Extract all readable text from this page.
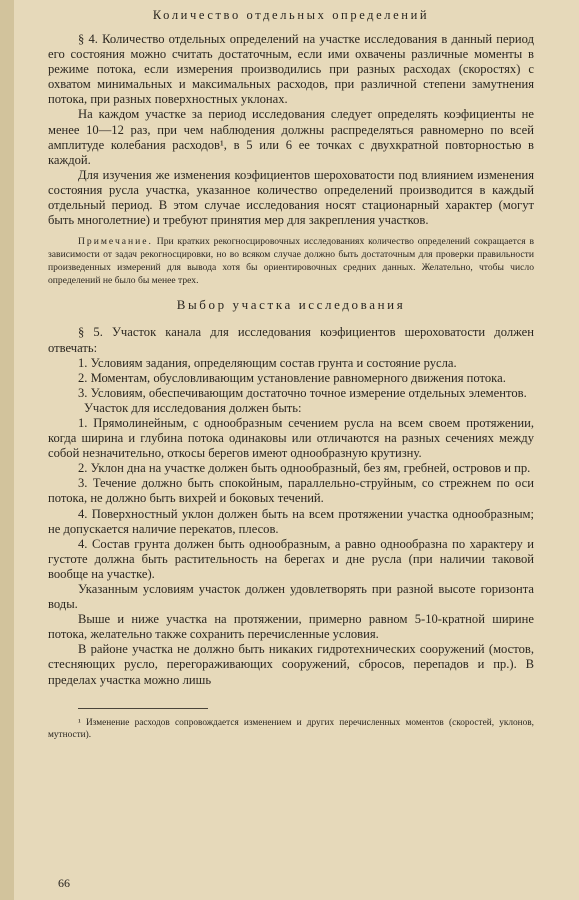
Количество отдельных определений

§ 4. Количество отдельных определений на участке исследования в данный период его состояния можно считать достаточным, если ими охвачены различные моменты в режиме потока, если измерения производились при разных расходах (скоростях) с охватом минимальных и максимальных расходов, при различной степени замутнения потока, при разных поверхностных уклонах.

На каждом участке за период исследования следует определять коэфициенты не менее 10—12 раз, при чем наблюдения должны распределяться равномерно по всей амплитуде колебания расходов¹, в 5 или 6 ее точках с двухкратной повторностью в каждой.

Для изучения же изменения коэфициентов шероховатости под влиянием изменения состояния русла участка, указанное количество определений производится в каждый отдельный период. В этом случае исследования носят стационарный характер (могут быть многолетние) и требуют принятия мер для закрепления участков.

Примечание. При кратких рекогносцировочных исследованиях количество определений сокращается в зависимости от задач рекогносцировки, но во всяком случае должно быть достаточным для проверки правильности произведенных измерений для вывода хотя бы ориентировочных средних данных. Желательно, чтобы число определений не было бы менее трех.
Выбор участка исследования

§ 5. Участок канала для исследования коэфициентов шероховатости должен отвечать:

1. Условиям задания, определяющим состав грунта и состояние русла.

2. Моментам, обусловливающим установление равномерного движения потока.

3. Условиям, обеспечивающим достаточно точное измерение отдельных элементов.

Участок для исследования должен быть:

1. Прямолинейным, с однообразным сечением русла на всем своем протяжении, когда ширина и глубина потока одинаковы или отличаются на разных сечениях между собой незначительно, откосы берегов имеют однообразную крутизну.

2. Уклон дна на участке должен быть однообразный, без ям, гребней, островов и пр.

3. Течение должно быть спокойным, параллельно-струйным, со стрежнем по оси потока, не должно быть вихрей и боковых течений.

4. Поверхностный уклон должен быть на всем протяжении участка однообразным; не допускается наличие перекатов, плесов.

4. Состав грунта должен быть однообразным, а равно однообразна по характеру и густоте должна быть растительность на берегах и дне русла (при наличии таковой вообще на участке).

Указанным условиям участок должен удовлетворять при разной высоте горизонта воды.

Выше и ниже участка на протяжении, примерно равном 5-10-кратной ширине потока, желательно также сохранить перечисленные условия.

В районе участка не должно быть никаких гидротехнических сооружений (мостов, стесняющих русло, перегораживающих сооружений, сбросов, перепадов и пр.). В пределах участка можно лишь

¹ Изменение расходов сопровождается изменением и других перечисленных моментов (скоростей, уклонов, мутности).

66
